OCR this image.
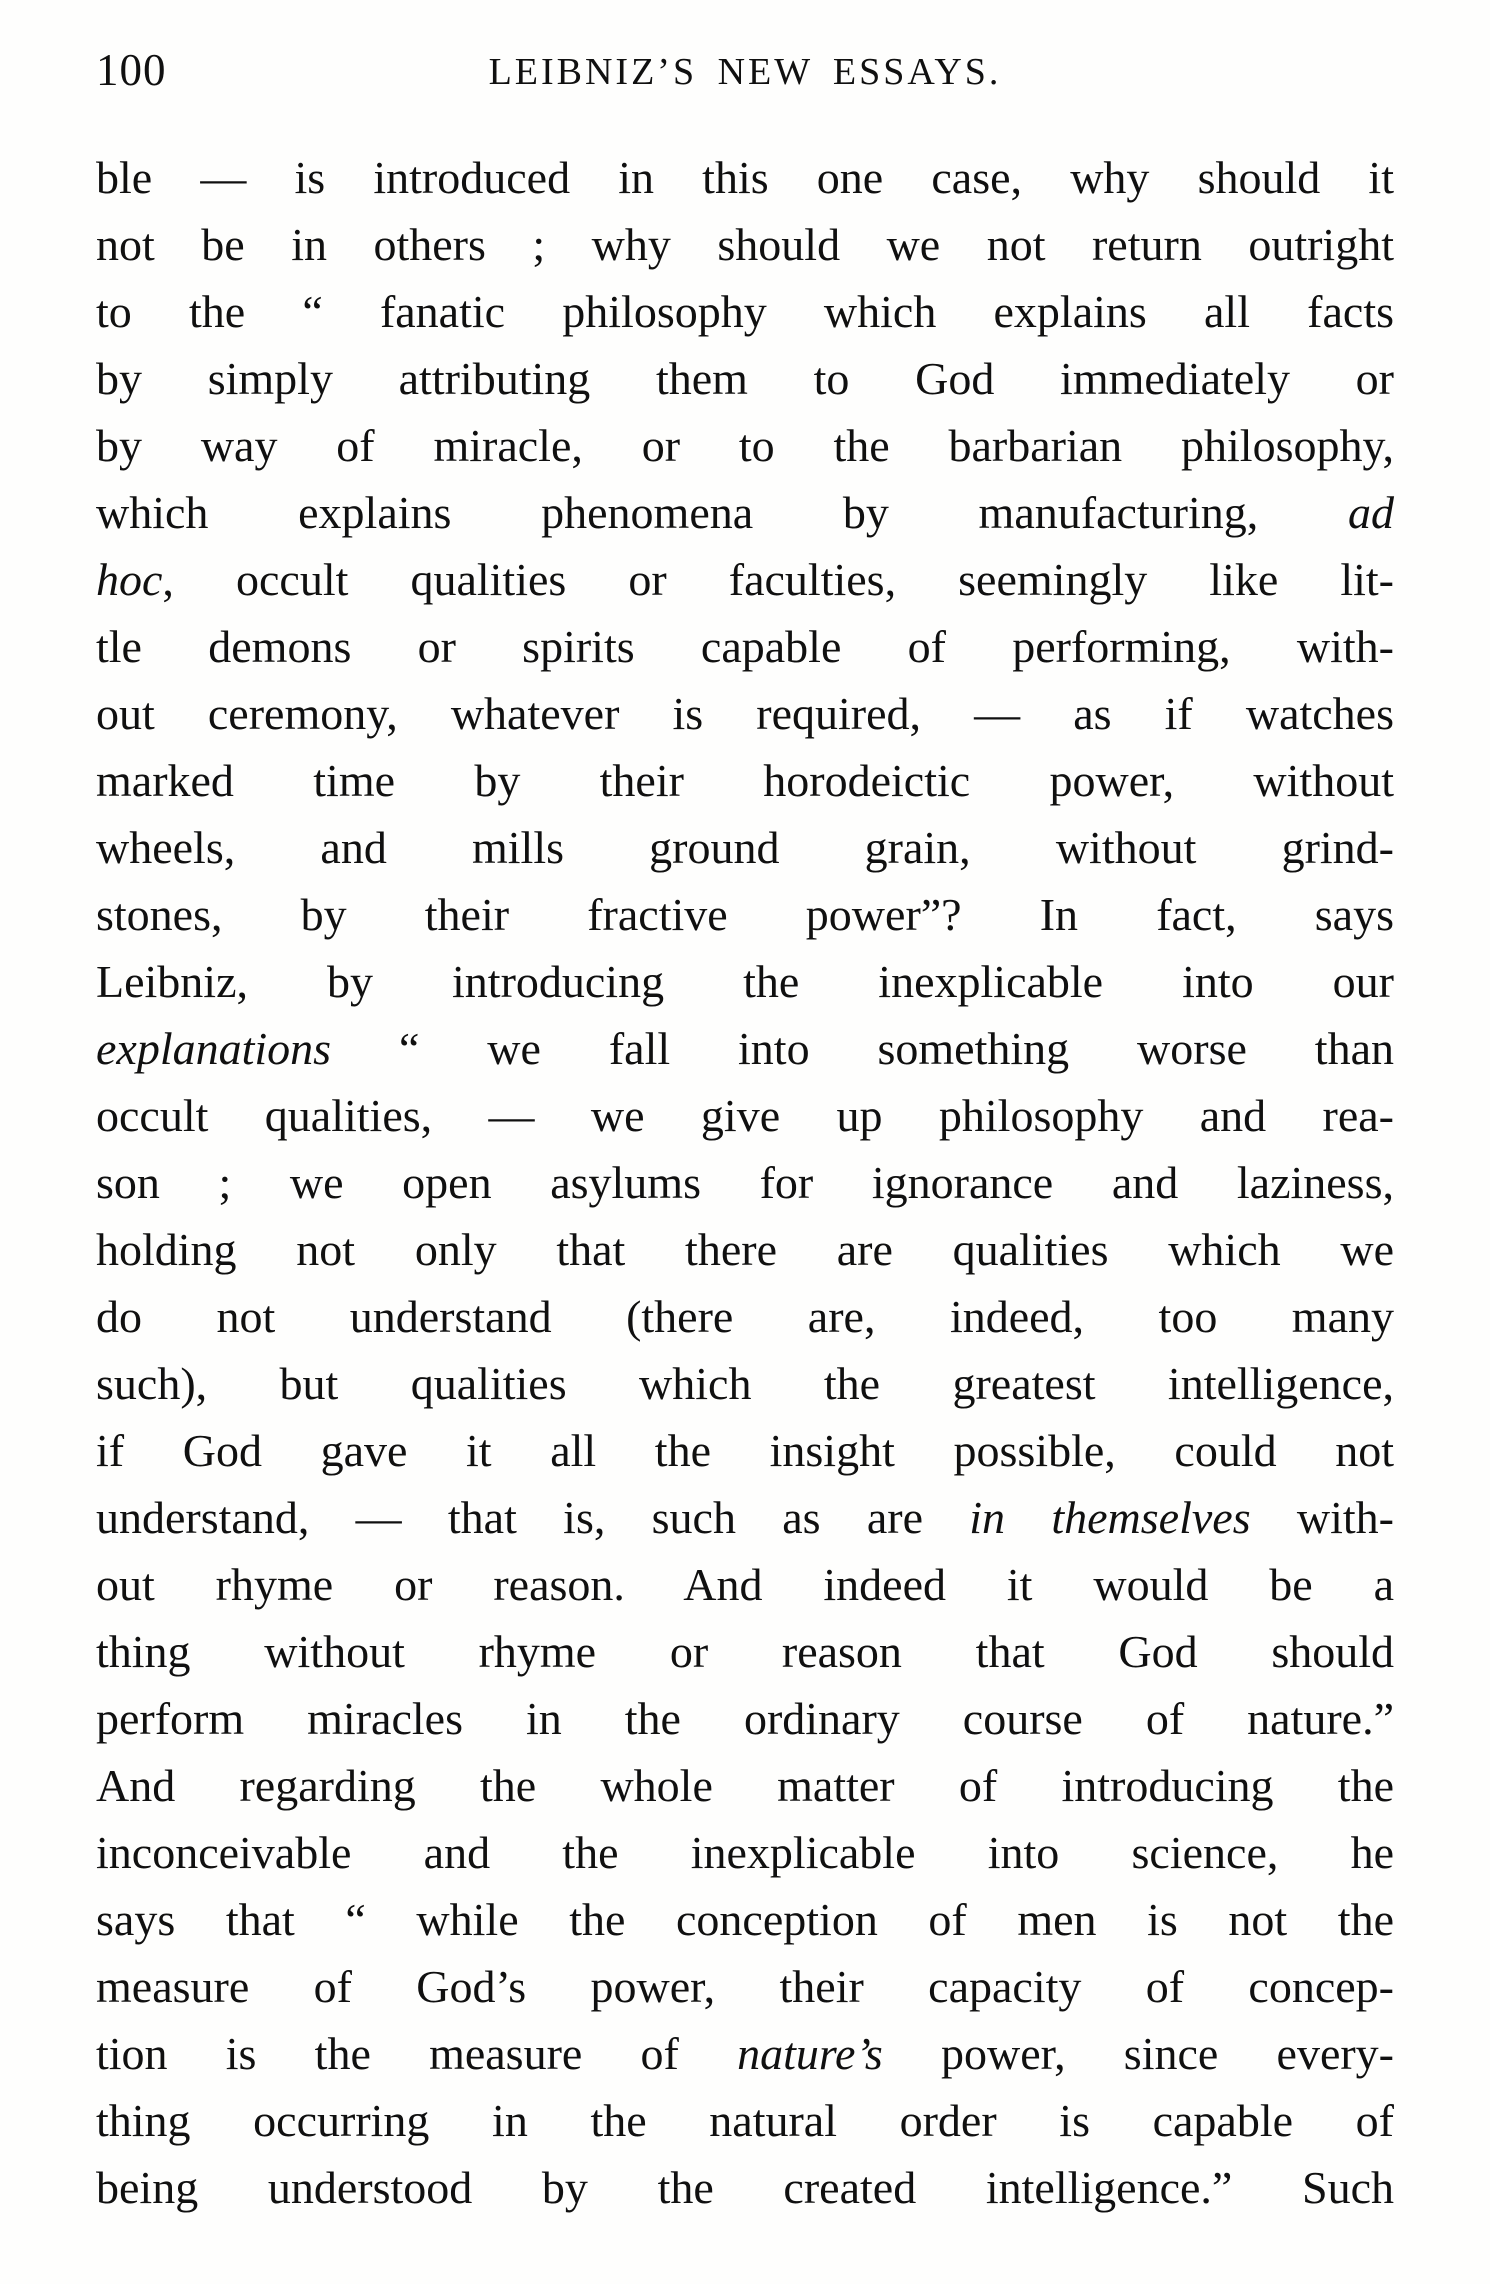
100	LEIBNIZ’S NEW ESSAYS.
ble — is introduced in this one case, why should it
not be in others ; why should we not return outright
to the “ fanatic philosophy which explains all facts
by simply attributing them to God immediately or
by way of miracle, or to the barbarian philosophy,
which explains phenomena by manufacturing, ad
hoc, occult qualities or faculties, seemingly like lit-
tle demons or spirits capable of performing, with-
out ceremony, whatever is required, — as if watches
marked time by their horodeictic power, without
wheels, and mills ground grain, without grind-
stones, by their fractive power”? In fact, says
Leibniz, by introducing the inexplicable into our
explanations “ we fall into something worse than
occult qualities, — we give up philosophy and rea-
son ; we open asylums for ignorance and laziness,
holding not only that there are qualities which we
do not understand (there are, indeed, too many
such), but qualities which the greatest intelligence,
if God gave it all the insight possible, could not
understand, — that is, such as are in themselves with-
out rhyme or reason. And indeed it would be a
thing without rhyme or reason that God should
perform miracles in the ordinary course of nature.”
And regarding the whole matter of introducing the
inconceivable and the inexplicable into science, he
says that “ while the conception of men is not the
measure of God’s power, their capacity of concep-
tion is the measure of nature’s power, since every-
thing occurring in the natural order is capable of
being understood by the created intelligence.” Such
